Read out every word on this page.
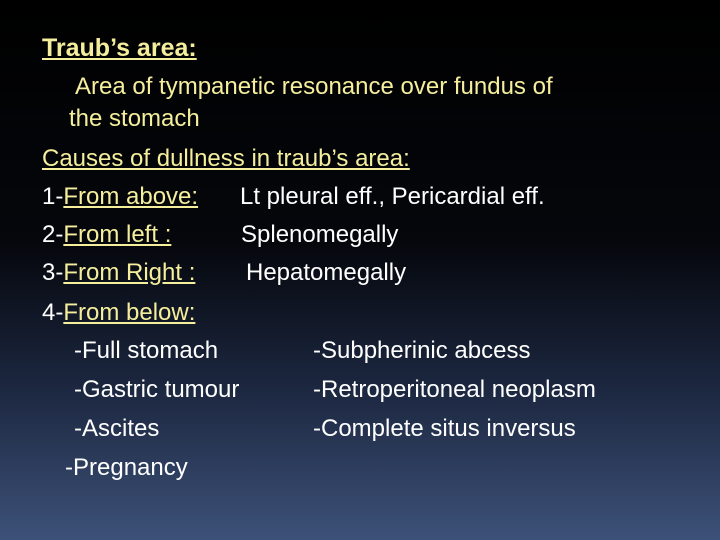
Traub’s area:
Area of tympanetic resonance over fundus of
the stomach
Causes of dullness in traub’s area:
1-From above: Lt pleural eff., Pericardial eff.
2-From left :	Splenomegally
3-From Right : Hepatomegally
4-From below:
-Full stomach
-Gastric tumour
-Ascites
-Pregnancy
-Subpherinic abcess
-Retroperitoneal neoplasm
-Complete situs inversus
